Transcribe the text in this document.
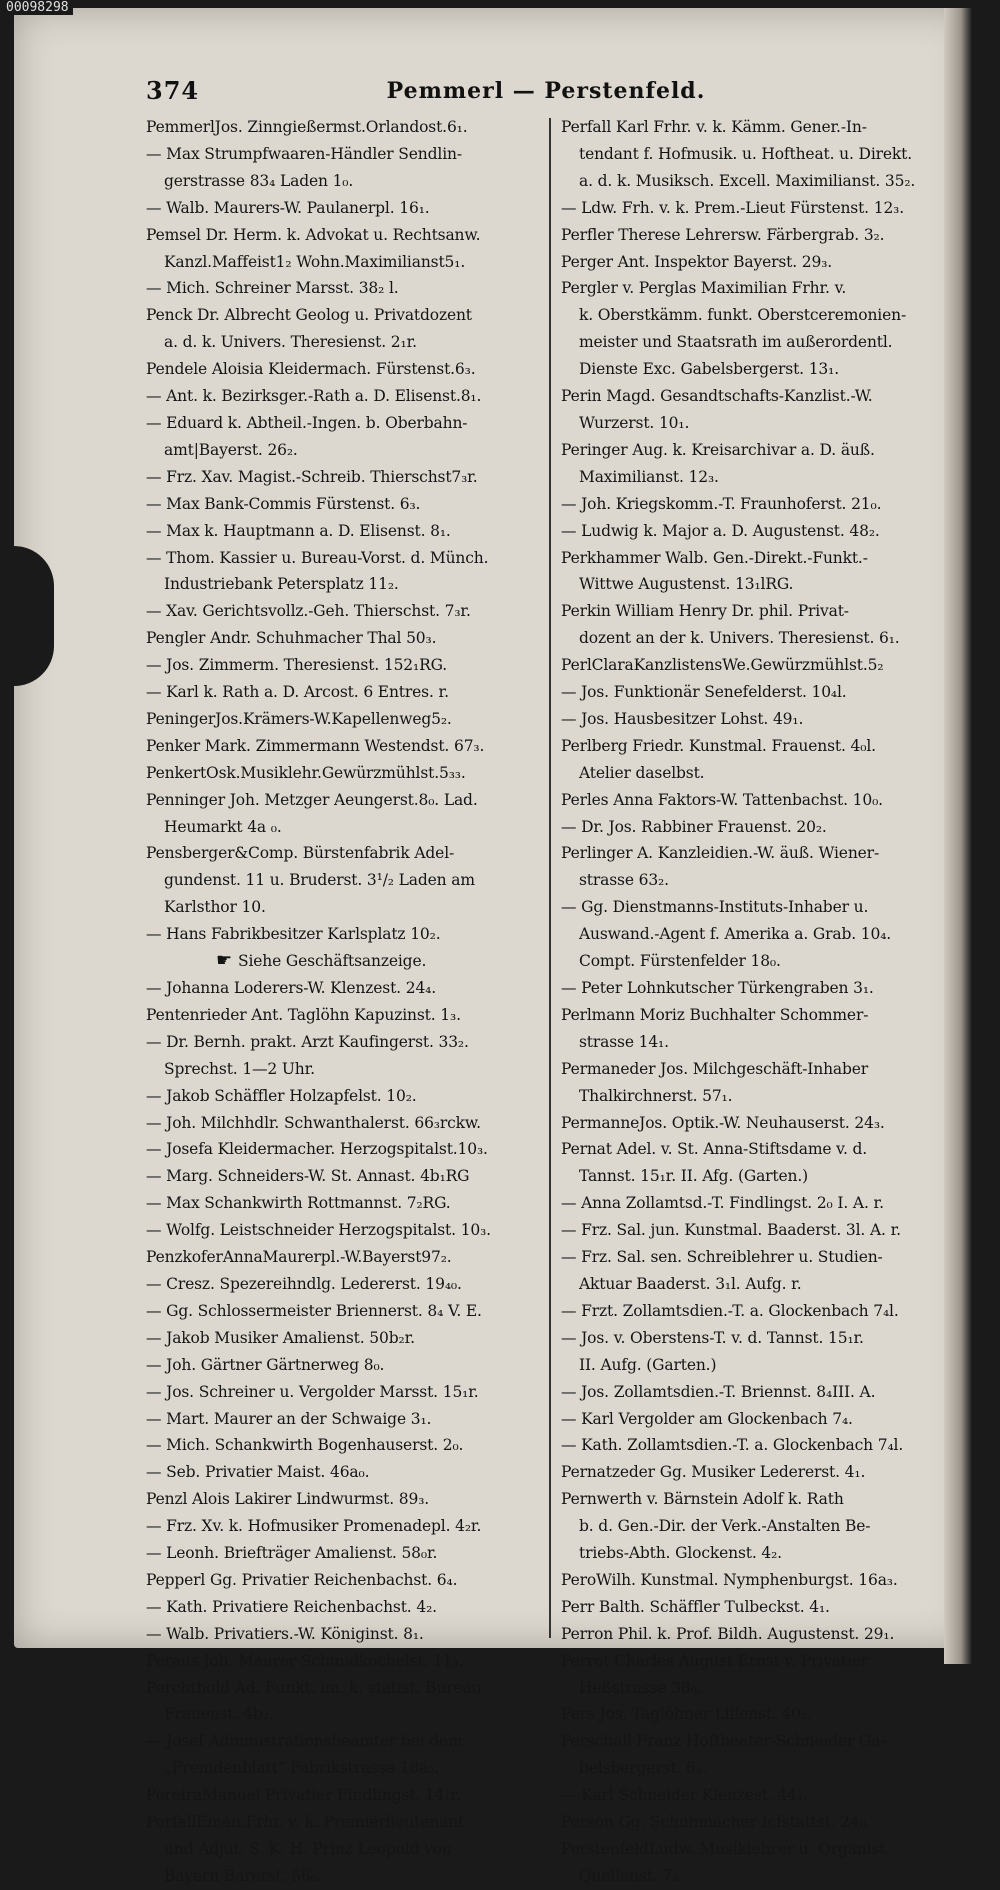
00098298
374	Pemmerl — Perstenfeld.
PemmerlJos. Zinngießermst.Orlandost.6₁.
— Max Strumpfwaaren-Händler Sendlin-
gerstrasse 83₄ Laden 1₀.
— Walb. Maurers-W. Paulanerpl. 16₁.
Pemsel Dr. Herm. k. Advokat u. Rechtsanw.
Kanzl.Maffeist1₂ Wohn.Maximilianst5₁.
— Mich. Schreiner Marsst. 38₂ l.
Penck Dr. Albrecht Geolog u. Privatdozent
a. d. k. Univers. Theresienst. 2₁r.
Pendele Aloisia Kleidermach. Fürstenst.6₃.
— Ant. k. Bezirksger.-Rath a. D. Elisenst.8₁.
— Eduard k. Abtheil.-Ingen. b. Oberbahn-
amt|Bayerst. 26₂.
— Frz. Xav. Magist.-Schreib. Thierschst7₃r.
— Max Bank-Commis Fürstenst. 6₃.
— Max k. Hauptmann a. D. Elisenst. 8₁.
— Thom. Kassier u. Bureau-Vorst. d. Münch.
Industriebank Petersplatz 11₂.
— Xav. Gerichtsvollz.-Geh. Thierschst. 7₃r.
Pengler Andr. Schuhmacher Thal 50₃.
— Jos. Zimmerm. Theresienst. 152₁RG.
— Karl k. Rath a. D. Arcost. 6 Entres. r.
PeningerJos.Krämers-W.Kapellenweg5₂.
Penker Mark. Zimmermann Westendst. 67₃.
PenkertOsk.Musiklehr.Gewürzmühlst.5₃₃.
Penninger Joh. Metzger Aeungerst.8₀. Lad.
Heumarkt 4a ₀.
Pensberger&Comp. Bürstenfabrik Adel-
gundenst. 11 u. Bruderst. 3¹/₂ Laden am
Karlsthor 10.
— Hans Fabrikbesitzer Karlsplatz 10₂.
☛ Siehe Geschäftsanzeige.
— Johanna Loderers-W. Klenzest. 24₄.
Pentenrieder Ant. Taglöhn Kapuzinst. 1₃.
— Dr. Bernh. prakt. Arzt Kaufingerst. 33₂.
Sprechst. 1—2 Uhr.
— Jakob Schäffler Holzapfelst. 10₂.
— Joh. Milchhdlr. Schwanthalerst. 66₃rckw.
— Josefa Kleidermacher. Herzogspitalst.10₃.
— Marg. Schneiders-W. St. Annast. 4b₁RG
— Max Schankwirth Rottmannst. 7₂RG.
— Wolfg. Leistschneider Herzogspitalst. 10₃.
PenzkoferAnnaMaurerpl.-W.Bayerst97₂.
— Cresz. Spezereihndlg. Ledererst. 19₄₀.
— Gg. Schlossermeister Briennerst. 8₄ V. E.
— Jakob Musiker Amalienst. 50b₂r.
— Joh. Gärtner Gärtnerweg 8₀.
— Jos. Schreiner u. Vergolder Marsst. 15₁r.
— Mart. Maurer an der Schwaige 3₁.
— Mich. Schankwirth Bogenhauserst. 2₀.
— Seb. Privatier Maist. 46a₀.
Penzl Alois Lakirer Lindwurmst. 89₃.
— Frz. Xv. k. Hofmusiker Promenadepl. 4₂r.
— Leonh. Briefträger Amalienst. 58₀r.
Pepperl Gg. Privatier Reichenbachst. 6₄.
— Kath. Privatiere Reichenbachst. 4₂.
— Walb. Privatiers.-W. Königinst. 8₁.
Peraus Joh. Maurer Schmidkochelst. 11₃.
Perchthold Ad. Funkt. im. k. statist. Bureau
Frauenst. 4b₂.
— Josef Administrationsbeamter bei dem
„Fremdenblatt“ Fabrikstrasse 18a₂.
PereiraManuel Privatier Findlingst. 14₁r.
PerfallEman.Frhr. v. k. Premierlieutenant
und Adjut. S. K. H. Prinz Leopold von
Bayern Barerst. 56₀.
Perfall Karl Frhr. v. k. Kämm. Gener.-In-
tendant f. Hofmusik. u. Hoftheat. u. Direkt.
a. d. k. Musiksch. Excell. Maximilianst. 35₂.
— Ldw. Frh. v. k. Prem.-Lieut Fürstenst. 12₃.
Perfler Therese Lehrersw. Färbergrab. 3₂.
Perger Ant. Inspektor Bayerst. 29₃.
Pergler v. Perglas Maximilian Frhr. v.
k. Oberstkämm. funkt. Oberstceremonien-
meister und Staatsrath im außerordentl.
Dienste Exc. Gabelsbergerst. 13₁.
Perin Magd. Gesandtschafts-Kanzlist.-W.
Wurzerst. 10₁.
Peringer Aug. k. Kreisarchivar a. D. äuß.
Maximilianst. 12₃.
— Joh. Kriegskomm.-T. Fraunhoferst. 21₀.
— Ludwig k. Major a. D. Augustenst. 48₂.
Perkhammer Walb. Gen.-Direkt.-Funkt.-
Wittwe Augustenst. 13₁lRG.
Perkin William Henry Dr. phil. Privat-
dozent an der k. Univers. Theresienst. 6₁.
PerlClaraKanzlistensWe.Gewürzmühlst.5₂
— Jos. Funktionär Senefelderst. 10₄l.
— Jos. Hausbesitzer Lohst. 49₁.
Perlberg Friedr. Kunstmal. Frauenst. 4₀l.
Atelier daselbst.
Perles Anna Faktors-W. Tattenbachst. 10₀.
— Dr. Jos. Rabbiner Frauenst. 20₂.
Perlinger A. Kanzleidien.-W. äuß. Wiener-
strasse 63₂.
— Gg. Dienstmanns-Instituts-Inhaber u.
Auswand.-Agent f. Amerika a. Grab. 10₄.
Compt. Fürstenfelder 18₀.
— Peter Lohnkutscher Türkengraben 3₁.
Perlmann Moriz Buchhalter Schommer-
strasse 14₁.
Permaneder Jos. Milchgeschäft-Inhaber
Thalkirchnerst. 57₁.
PermanneJos. Optik.-W. Neuhauserst. 24₃.
Pernat Adel. v. St. Anna-Stiftsdame v. d.
Tannst. 15₁r. II. Afg. (Garten.)
— Anna Zollamtsd.-T. Findlingst. 2₀ I. A. r.
— Frz. Sal. jun. Kunstmal. Baaderst. 3l. A. r.
— Frz. Sal. sen. Schreiblehrer u. Studien-
Aktuar Baaderst. 3₁l. Aufg. r.
— Frzt. Zollamtsdien.-T. a. Glockenbach 7₄l.
— Jos. v. Oberstens-T. v. d. Tannst. 15₁r.
II. Aufg. (Garten.)
— Jos. Zollamtsdien.-T. Briennst. 8₄III. A.
— Karl Vergolder am Glockenbach 7₄.
— Kath. Zollamtsdien.-T. a. Glockenbach 7₄l.
Pernatzeder Gg. Musiker Ledererst. 4₁.
Pernwerth v. Bärnstein Adolf k. Rath
b. d. Gen.-Dir. der Verk.-Anstalten Be-
triebs-Abth. Glockenst. 4₂.
PeroWilh. Kunstmal. Nymphenburgst. 16a₃.
Perr Balth. Schäffler Tulbeckst. 4₁.
Perron Phil. k. Prof. Bildh. Augustenst. 29₁.
Perrot Charles August Ernst v. Privatier
Heßstrasse 38₀.
Pers Jos. Taglöhner Lilienst. 40₂.
Perschall Franz Hoftheater-Schneider Ga-
belsbergerst. 6₄.
— Karl Schneider Klenzest. 44₄.
Person Gg. Schuhmacher Icfstattst. 24₀.
PerstenfeldLudw. Musiklehrer u. Organist
Quellenst. 7₂.
